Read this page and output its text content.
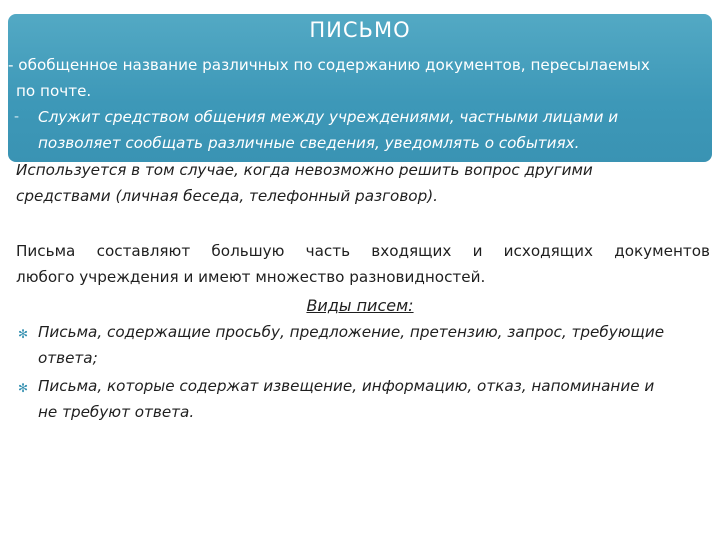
ПИСЬМО
- обобщенное название различных по содержанию документов, пересылаемых
по почте.
- Служит средством общения между учреждениями, частными лицами и
позволяет сообщать различные сведения, уведомлять о событиях.
Используется в том случае, когда невозможно решить вопрос другими
средствами (личная беседа, телефонный разговор).
Письма составляют большую часть входящих и исходящих документов
любого учреждения и имеют множество разновидностей.
Виды писем:
✻ Письма, содержащие просьбу, предложение, претензию, запрос, требующие
ответа;
✻ Письма, которые содержат извещение, информацию, отказ, напоминание и
не требуют ответа.
